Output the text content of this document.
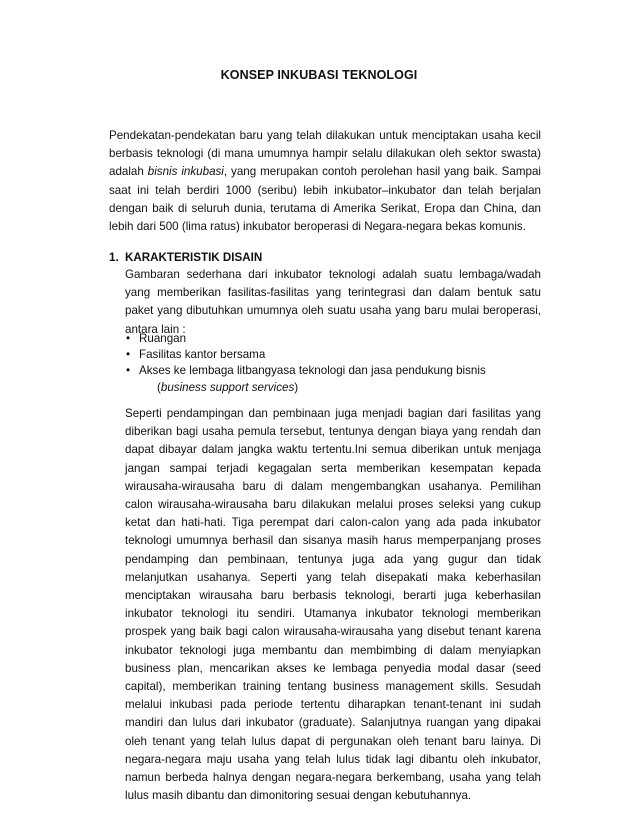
KONSEP INKUBASI TEKNOLOGI

Pendekatan-pendekatan baru yang telah dilakukan untuk menciptakan usaha kecil berbasis teknologi (di mana umumnya hampir selalu dilakukan oleh sektor swasta) adalah bisnis inkubasi, yang merupakan contoh perolehan hasil yang baik. Sampai saat ini telah berdiri 1000 (seribu) lebih inkubator–inkubator dan telah berjalan dengan baik di seluruh dunia, terutama di Amerika Serikat, Eropa dan China, dan lebih dari 500 (lima ratus) inkubator beroperasi di Negara-negara bekas komunis.

1. KARAKTERISTIK DISAIN

Gambaran sederhana dari inkubator teknologi adalah suatu lembaga/wadah yang memberikan fasilitas-fasilitas yang terintegrasi dan dalam bentuk satu paket yang dibutuhkan umumnya oleh suatu usaha yang baru mulai beroperasi, antara lain :

• Ruangan
• Fasilitas kantor bersama
• Akses ke lembaga litbangyasa teknologi dan jasa pendukung bisnis
(business support services)

Seperti pendampingan dan pembinaan juga menjadi bagian dari fasilitas yang diberikan bagi usaha pemula tersebut, tentunya dengan biaya yang rendah dan dapat dibayar dalam jangka waktu tertentu.Ini semua diberikan untuk menjaga jangan sampai terjadi kegagalan serta memberikan kesempatan kepada wirausaha-wirausaha baru di dalam mengembangkan usahanya. Pemilihan calon wirausaha-wirausaha baru dilakukan melalui proses seleksi yang cukup ketat dan hati-hati. Tiga perempat dari calon-calon yang ada pada inkubator teknologi umumnya berhasil dan sisanya masih harus memperpanjang proses pendamping dan pembinaan, tentunya juga ada yang gugur dan tidak melanjutkan usahanya. Seperti yang telah disepakati maka keberhasilan menciptakan wirausaha baru berbasis teknologi, berarti juga keberhasilan inkubator teknologi itu sendiri. Utamanya inkubator teknologi memberikan prospek yang baik bagi calon wirausaha-wirausaha yang disebut tenant karena inkubator teknologi juga membantu dan membimbing di dalam menyiapkan business plan, mencarikan akses ke lembaga penyedia modal dasar (seed capital), memberikan training tentang business management skills. Sesudah melalui inkubasi pada periode tertentu diharapkan tenant-tenant ini sudah mandiri dan lulus dari inkubator (graduate). Salanjutnya ruangan yang dipakai oleh tenant yang telah lulus dapat di pergunakan oleh tenant baru lainya. Di negara-negara maju usaha yang telah lulus tidak lagi dibantu oleh inkubator, namun berbeda halnya dengan negara-negara berkembang, usaha yang telah lulus masih dibantu dan dimonitoring sesuai dengan kebutuhannya.
